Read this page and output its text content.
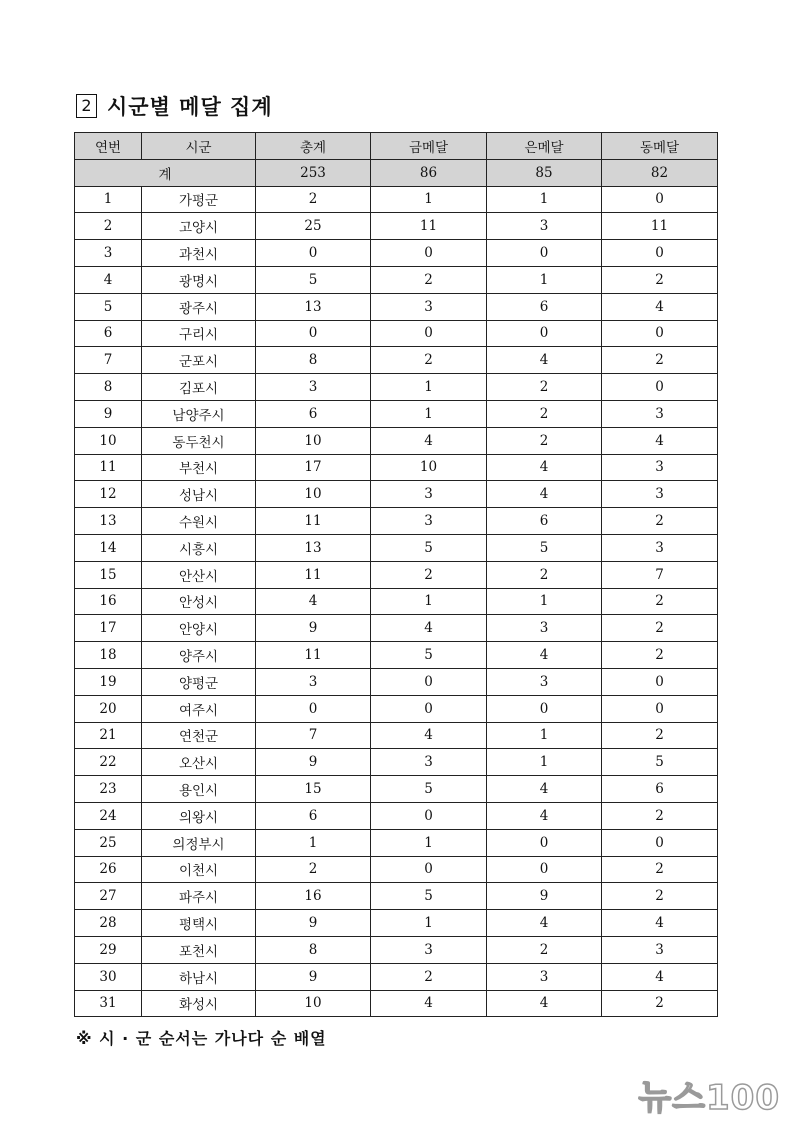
2 시군별 메달 집계
연번	시군	총계	금메달	은메달	동메달
계		253	86	85	82
1	가평군	2	1	1	0
2	고양시	25	11	3	11
3	과천시	0	0	0	0
4	광명시	5	2	1	2
5	광주시	13	3	6	4
6	구리시	0	0	0	0
7	군포시	8	2	4	2
8	김포시	3	1	2	0
9	남양주시	6	1	2	3
10	동두천시	10	4	2	4
11	부천시	17	10	4	3
12	성남시	10	3	4	3
13	수원시	11	3	6	2
14	시흥시	13	5	5	3
15	안산시	11	2	2	7
16	안성시	4	1	1	2
17	안양시	9	4	3	2
18	양주시	11	5	4	2
19	양평군	3	0	3	0
20	여주시	0	0	0	0
21	연천군	7	4	1	2
22	오산시	9	3	1	5
23	용인시	15	5	4	6
24	의왕시	6	0	4	2
25	의정부시	1	1	0	0
26	이천시	2	0	0	2
27	파주시	16	5	9	2
28	평택시	9	1	4	4
29	포천시	8	3	2	3
30	하남시	9	2	3	4
31	화성시	10	4	4	2
※ 시 · 군 순서는 가나다 순 배열
뉴스100
